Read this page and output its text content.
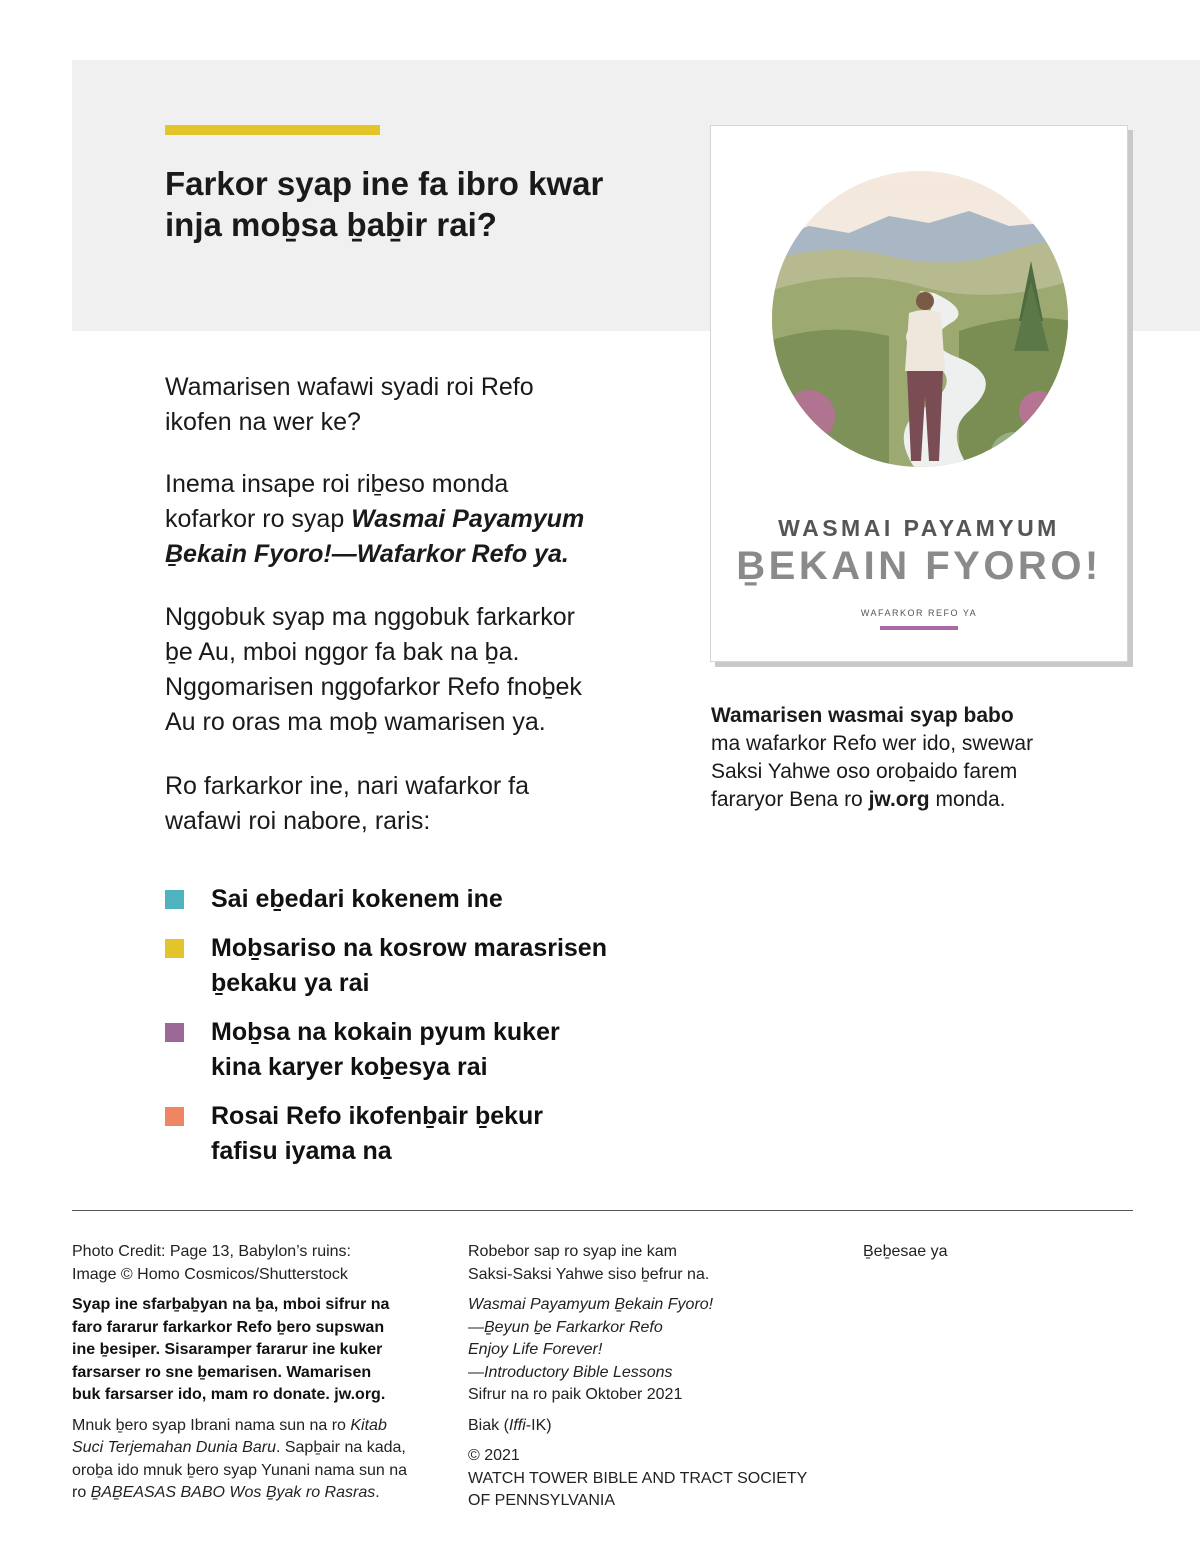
Farkor syap ine fa ibro kwar
inja moḇsa ḇaḇir rai?

Wamarisen wafawi syadi roi Refo
ikofen na wer ke?

Inema insape roi riḇeso monda
kofarkor ro syap Wasmai Payamyum
Ḇekain Fyoro!—Wafarkor Refo ya.

Nggobuk syap ma nggobuk farkarkor
ḇe Au, mboi nggor fa bak na ḇa.
Nggomarisen nggofarkor Refo fnoḇek
Au ro oras ma moḇ wamarisen ya.

Ro farkarkor ine, nari wafarkor fa
wafawi roi nabore, raris:

Sai eḇedari kokenem ine
Moḇsariso na kosrow marasrisen
ḇekaku ya rai
Moḇsa na kokain pyum kuker
kina karyer koḇesya rai
Rosai Refo ikofenḇair ḇekur
fafisu iyama na
WASMAI PAYAMYUM
ḆEKAIN FYORO!
WAFARKOR REFO YA

Wamarisen wasmai syap babo
ma wafarkor Refo wer ido, swewar
Saksi Yahwe oso oroḇaido farem
fararyor Bena ro jw.org monda.

Photo Credit: Page 13, Babylon’s ruins:
Image © Homo Cosmicos/Shutterstock

Syap ine sfarḇaḇyan na ḇa, mboi sifrur na
faro fararur farkarkor Refo ḇero supswan
ine ḇesiper. Sisaramper fararur ine kuker
farsarser ro sne ḇemarisen. Wamarisen
buk farsarser ido, mam ro donate. jw.org.

Mnuk ḇero syap Ibrani nama sun na ro Kitab
Suci Terjemahan Dunia Baru. Sapḇair na kada,
oroḇa ido mnuk ḇero syap Yunani nama sun na
ro ḆAḆEASAS BABO Wos Ḇyak ro Rasras.

Robebor sap ro syap ine kam
Saksi-Saksi Yahwe siso ḇefrur na.

Wasmai Payamyum Ḇekain Fyoro!
—Ḇeyun ḇe Farkarkor Refo
Enjoy Life Forever!
—Introductory Bible Lessons
Sifrur na ro paik Oktober 2021

Biak (Iffi-IK)

© 2021
WATCH TOWER BIBLE AND TRACT SOCIETY
OF PENNSYLVANIA

Ḇeḇesae ya
